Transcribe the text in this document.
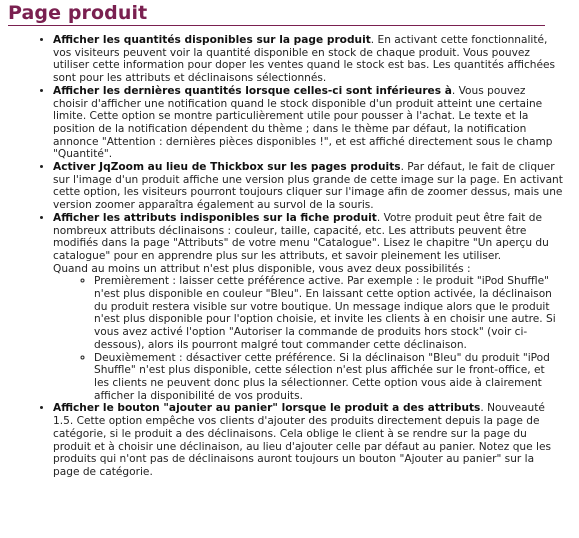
Page produit
• Afficher les quantités disponibles sur la page produit. En activant cette fonctionnalité, vos visiteurs peuvent voir la quantité disponible en stock de chaque produit. Vous pouvez utiliser cette information pour doper les ventes quand le stock est bas. Les quantités affichées sont pour les attributs et déclinaisons sélectionnés.
• Afficher les dernières quantités lorsque celles-ci sont inférieures à. Vous pouvez choisir d'afficher une notification quand le stock disponible d'un produit atteint une certaine limite. Cette option se montre particulièrement utile pour pousser à l'achat. Le texte et la position de la notification dépendent du thème ; dans le thème par défaut, la notification annonce "Attention : dernières pièces disponibles !", et est affiché directement sous le champ "Quantité".
• Activer JqZoom au lieu de Thickbox sur les pages produits. Par défaut, le fait de cliquer sur l'image d'un produit affiche une version plus grande de cette image sur la page. En activant cette option, les visiteurs pourront toujours cliquer sur l'image afin de zoomer dessus, mais une version zoomer apparaîtra également au survol de la souris.
• Afficher les attributs indisponibles sur la fiche produit. Votre produit peut être fait de nombreux attributs déclinaisons : couleur, taille, capacité, etc. Les attributs peuvent être modifiés dans la page "Attributs" de votre menu "Catalogue". Lisez le chapitre "Un aperçu du catalogue" pour en apprendre plus sur les attributs, et savoir pleinement les utiliser.
Quand au moins un attribut n'est plus disponible, vous avez deux possibilités :
◦ Premièrement : laisser cette préférence active. Par exemple : le produit "iPod Shuffle" n'est plus disponible en couleur "Bleu". En laissant cette option activée, la déclinaison du produit restera visible sur votre boutique. Un message indique alors que le produit n'est plus disponible pour l'option choisie, et invite les clients à en choisir une autre. Si vous avez activé l'option "Autoriser la commande de produits hors stock" (voir ci-dessous), alors ils pourront malgré tout commander cette déclinaison.
◦ Deuxièmement : désactiver cette préférence. Si la déclinaison "Bleu" du produit "iPod Shuffle" n'est plus disponible, cette sélection n'est plus affichée sur le front-office, et les clients ne peuvent donc plus la sélectionner. Cette option vous aide à clairement afficher la disponibilité de vos produits.
• Afficher le bouton "ajouter au panier" lorsque le produit a des attributs. Nouveauté 1.5. Cette option empêche vos clients d'ajouter des produits directement depuis la page de catégorie, si le produit a des déclinaisons. Cela oblige le client à se rendre sur la page du produit et à choisir une déclinaison, au lieu d'ajouter celle par défaut au panier. Notez que les produits qui n'ont pas de déclinaisons auront toujours un bouton "Ajouter au panier" sur la page de catégorie.
